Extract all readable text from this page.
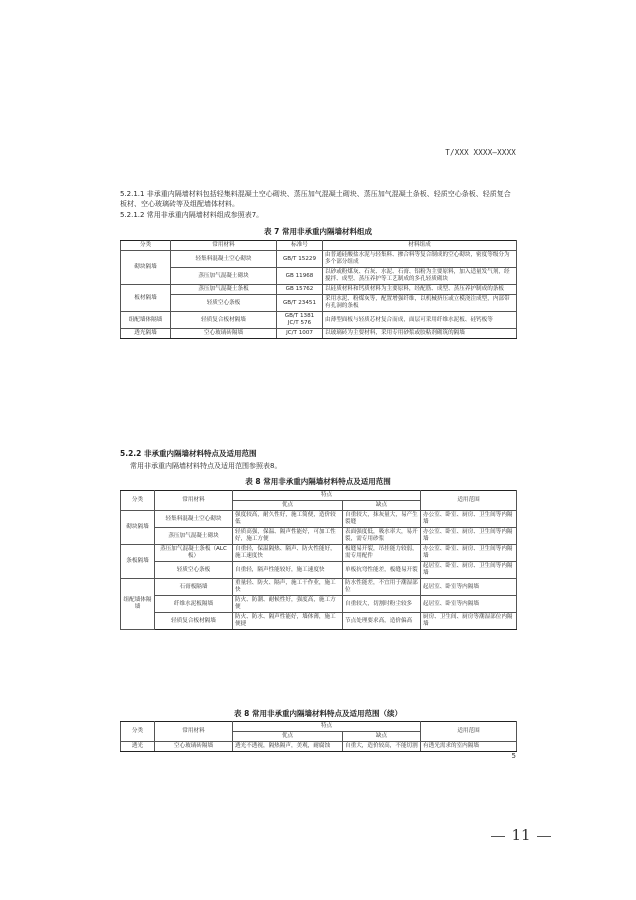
T/XXX XXXX—XXXX
5.2.1.1 非承重内隔墙材料包括轻集料混凝土空心砌块、蒸压加气混凝土砌块、蒸压加气混凝土条板、轻质空心条板、轻质复合板材、空心玻璃砖等及组配墙体材料。
5.2.1.2 常用非承重内隔墙材料组成参照表7。
表 7 常用非承重内隔墙材料组成
分类	常用材料	标准号	材料组成
砌块隔墙	轻集料混凝土空心砌块	GB/T 15229	由普通硅酸盐水泥与轻集料、掺合料等复合制成的空心砌块，密度等级分为多个部分组成
	蒸压加气混凝土砌块	GB 11968	以砂或粉煤灰、石灰、水泥、石膏、铝粉为主要原料，加入适量发气剂，经搅拌、成型、蒸压养护等工艺制成的多孔轻质砌块
板材隔墙	蒸压加气混凝土条板	GB 15762	以硅质材料和钙质材料为主要原料，经配筋、成型、蒸压养护制成的条板
	轻质空心条板	GB/T 23451	采用水泥、粉煤灰等，配置增强纤维，以机械挤压或立模浇注成型，内部带有孔洞的条板
组配墙体隔墙	轻质复合板材隔墙	GB/T 1381 JC/T 576	由薄型面板与轻质芯材复合而成，面层可采用纤维水泥板、硅钙板等
透光隔墙	空心玻璃砖隔墙	JC/T 1007	以玻璃砖为主要材料，采用专用砂浆或胶粘剂砌筑的隔墙
5.2.2 非承重内隔墙材料特点及适用范围
常用非承重内隔墙材料特点及适用范围参照表8。
表 8 常用非承重内隔墙材料特点及适用范围
分类	常用材料	特点		适用范围
		优点	缺点	
砌块隔墙	轻集料混凝土空心砌块	强度较高，耐久性好，施工简便，造价较低	自重较大，抹灰量大，易产生裂缝	办公室、卧室、厨房、卫生间等内隔墙
	蒸压加气混凝土砌块	轻质高强，保温、隔声性能好，可加工性好，施工方便	表面强度低，吸水率大，易开裂，需专用砂浆	办公室、卧室、厨房、卫生间等内隔墙
条板隔墙	蒸压加气混凝土条板（ALC板）	自重轻，保温隔热、隔声、防火性能好，施工速度快	板缝易开裂，吊挂能力较弱，需专用配件	办公室、卧室、厨房、卫生间等内隔墙
	轻质空心条板	自重轻，隔声性能较好，施工速度快	单板抗弯性能差，板缝易开裂	起居室、卧室、厨房、卫生间等内隔墙
组配墙体隔墙	石膏板隔墙	重量轻、防火、隔声，施工干作业，施工快	防水性能差，不宜用于潮湿部位	起居室、卧室等内隔墙
	纤维水泥板隔墙	防火、防潮、耐候性好，强度高，施工方便	自重较大，切割时粉尘较多	起居室、卧室等内隔墙
	轻质复合板材隔墙	防火、防水、隔声性能好，墙体薄，施工便捷	节点处理要求高，造价偏高	厨房、卫生间、厨房等潮湿部位内隔墙
表 8 常用非承重内隔墙材料特点及适用范围（续）
分类	常用材料	特点		适用范围
		优点	缺点	
透光	空心玻璃砖隔墙	透光不透视，隔热隔声，美观，耐腐蚀	自重大，造价较高，不能切割	有透光需求的室内隔墙
5
11
